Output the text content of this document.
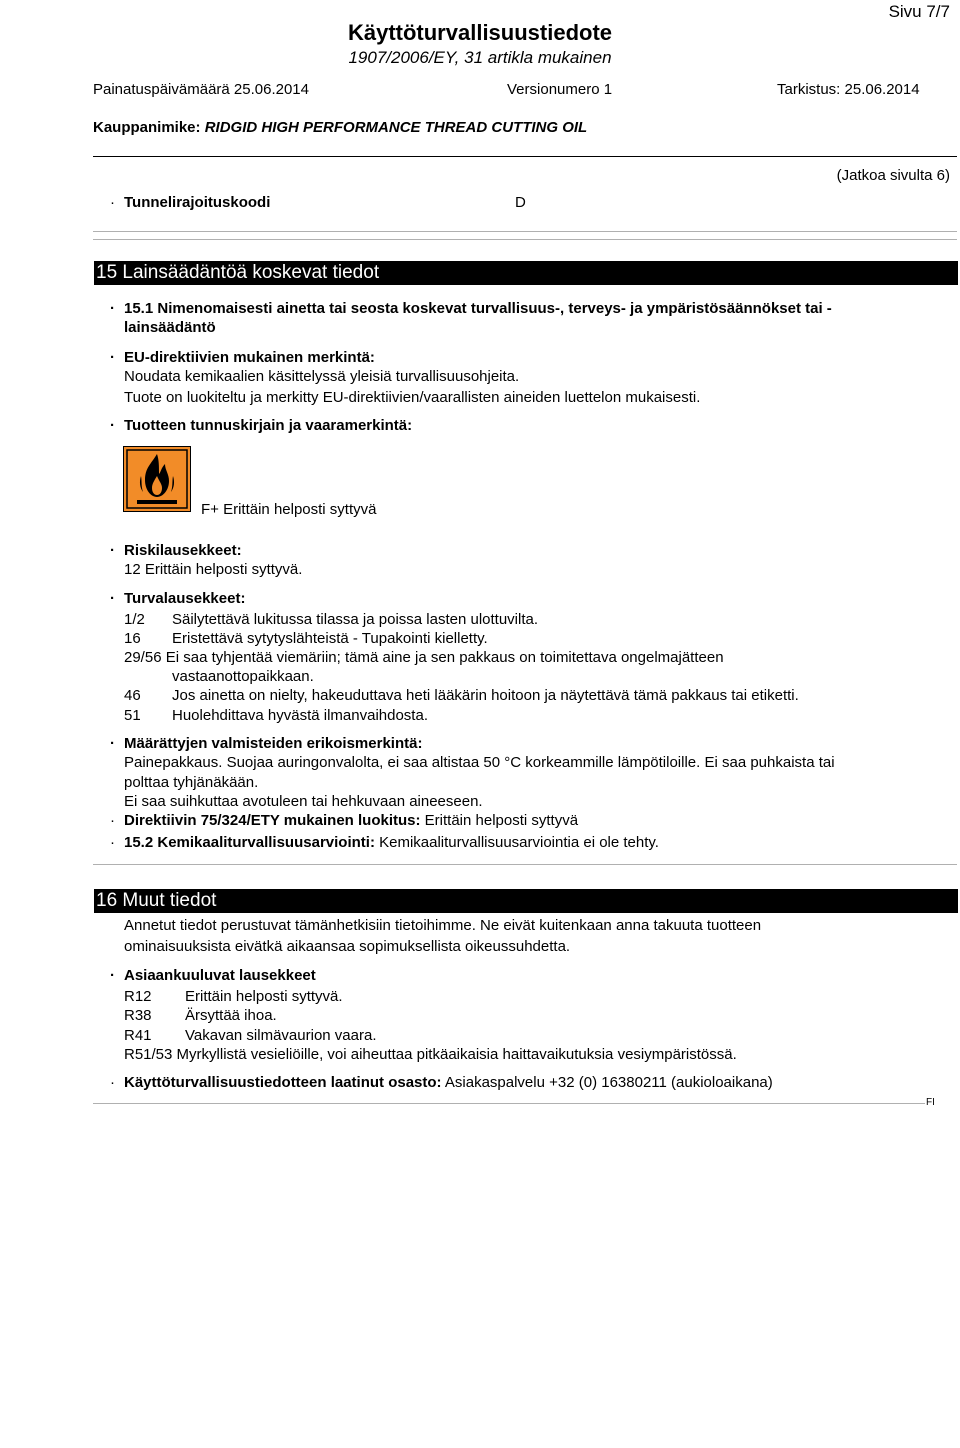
Sivu 7/7
Käyttöturvallisuustiedote
1907/2006/EY, 31 artikla mukainen
Painatuspäivämäärä 25.06.2014	Versionumero 1	Tarkistus: 25.06.2014
Kauppanimike: RIDGID HIGH PERFORMANCE THREAD CUTTING OIL
(Jatkoa sivulta 6)
· Tunnelirajoituskoodi	D
15 Lainsäädäntöä koskevat tiedot
· 15.1 Nimenomaisesti ainetta tai seosta koskevat turvallisuus-, terveys- ja ympäristösäännökset tai -
lainsäädäntö
· EU-direktiivien mukainen merkintä:
Noudata kemikaalien käsittelyssä yleisiä turvallisuusohjeita.
Tuote on luokiteltu ja merkitty EU-direktiivien/vaarallisten aineiden luettelon mukaisesti.
· Tuotteen tunnuskirjain ja vaaramerkintä:
F+ Erittäin helposti syttyvä
· Riskilausekkeet:
12 Erittäin helposti syttyvä.
· Turvalausekkeet:
1/2 Säilytettävä lukitussa tilassa ja poissa lasten ulottuvilta.
16 Eristettävä sytytyslähteistä - Tupakointi kielletty.
29/56 Ei saa tyhjentää viemäriin; tämä aine ja sen pakkaus on toimitettava ongelmajätteen
vastaanottopaikkaan.
46 Jos ainetta on nielty, hakeuduttava heti lääkärin hoitoon ja näytettävä tämä pakkaus tai etiketti.
51 Huolehdittava hyvästä ilmanvaihdosta.
· Määrättyjen valmisteiden erikoismerkintä:
Painepakkaus. Suojaa auringonvalolta, ei saa altistaa 50 °C korkeammille lämpötiloille. Ei saa puhkaista tai
polttaa tyhjänäkään.
Ei saa suihkuttaa avotuleen tai hehkuvaan aineeseen.
· Direktiivin 75/324/ETY mukainen luokitus: Erittäin helposti syttyvä
· 15.2 Kemikaaliturvallisuusarviointi: Kemikaaliturvallisuusarviointia ei ole tehty.
16 Muut tiedot
Annetut tiedot perustuvat tämänhetkisiin tietoihimme. Ne eivät kuitenkaan anna takuuta tuotteen
ominaisuuksista eivätkä aikaansaa sopimuksellista oikeussuhdetta.
· Asiaankuuluvat lausekkeet
R12 Erittäin helposti syttyvä.
R38 Ärsyttää ihoa.
R41 Vakavan silmävaurion vaara.
R51/53 Myrkyllistä vesieliöille, voi aiheuttaa pitkäaikaisia haittavaikutuksia vesiympäristössä.
· Käyttöturvallisuustiedotteen laatinut osasto: Asiakaspalvelu +32 (0) 16380211 (aukioloaikana)
FI
